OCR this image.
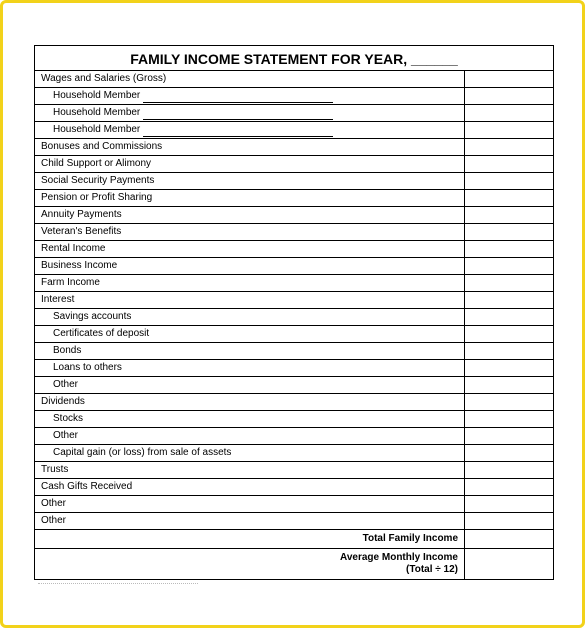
FAMILY INCOME STATEMENT FOR YEAR, ______
Wages and Salaries (Gross)
Household Member
Household Member
Household Member
Bonuses and Commissions
Child Support or Alimony
Social Security Payments
Pension or Profit Sharing
Annuity Payments
Veteran's Benefits
Rental Income
Business Income
Farm Income
Interest
Savings accounts
Certificates of deposit
Bonds
Loans to others
Other
Dividends
Stocks
Other
Capital gain (or loss) from sale of assets
Trusts
Cash Gifts Received
Other
Other
Total Family Income
Average Monthly Income
(Total ÷ 12)
